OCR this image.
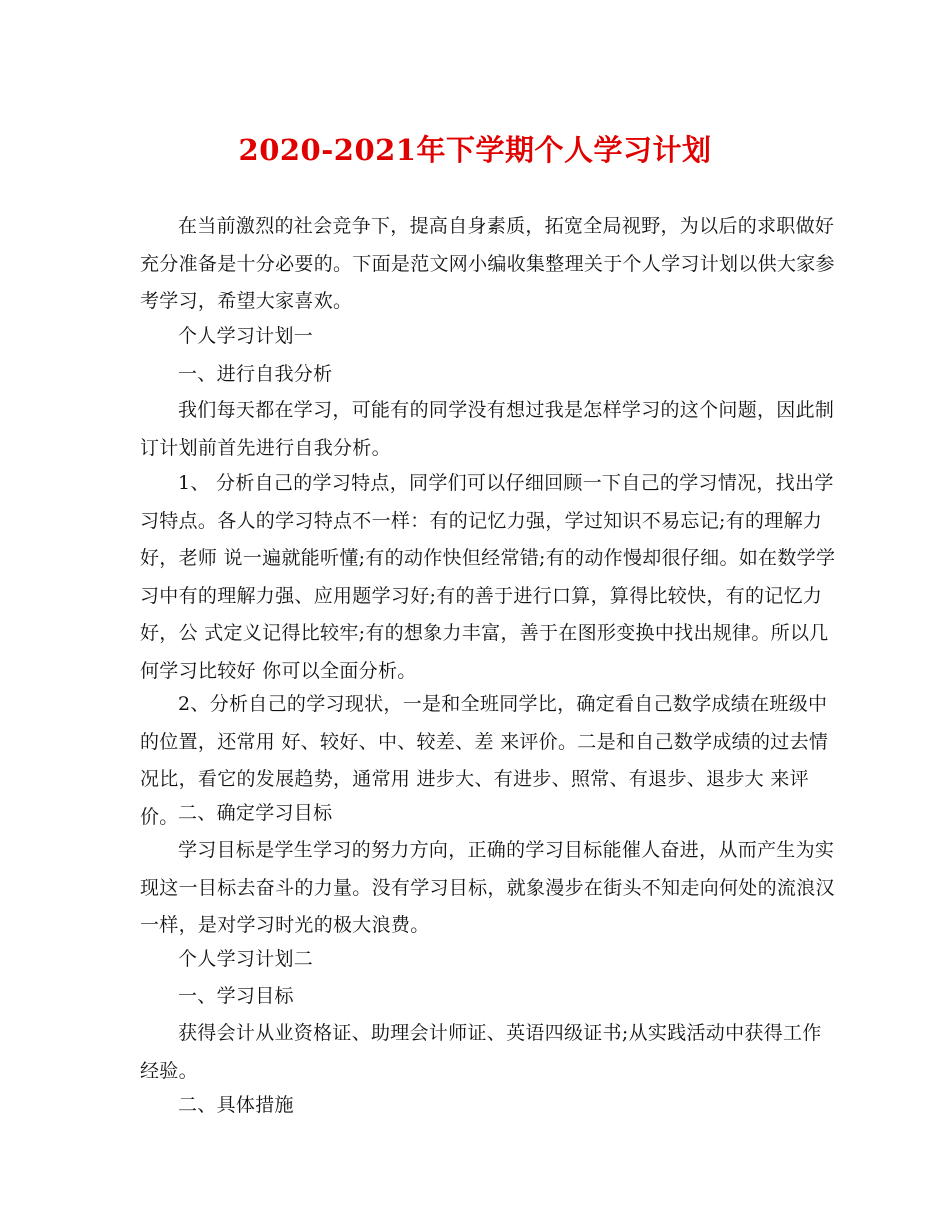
2020-2021年下学期个人学习计划

在当前激烈的社会竞争下，提高自身素质，拓宽全局视野，为以后的求职做好充分准备是十分必要的。下面是范文网小编收集整理关于个人学习计划以供大家参考学习，希望大家喜欢。

个人学习计划一

一、进行自我分析

我们每天都在学习，可能有的同学没有想过我是怎样学习的这个问题，因此制订计划前首先进行自我分析。

1、 分析自己的学习特点，同学们可以仔细回顾一下自己的学习情况，找出学习特点。各人的学习特点不一样：有的记忆力强，学过知识不易忘记;有的理解力好，老师 说一遍就能听懂;有的动作快但经常错;有的动作慢却很仔细。如在数学学习中有的理解力强、应用题学习好;有的善于进行口算，算得比较快，有的记忆力好，公 式定义记得比较牢;有的想象力丰富，善于在图形变换中找出规律。所以几何学习比较好 你可以全面分析。

2、分析自己的学习现状，一是和全班同学比，确定看自己数学成绩在班级中的位置，还常用 好、较好、中、较差、差 来评价。二是和自己数学成绩的过去情况比，看它的发展趋势，通常用 进步大、有进步、照常、有退步、退步大 来评价。 二、确定学习目标

学习目标是学生学习的努力方向，正确的学习目标能催人奋进，从而产生为实现这一目标去奋斗的力量。没有学习目标，就象漫步在街头不知走向何处的流浪汉一样，是对学习时光的极大浪费。

个人学习计划二

一、学习目标

获得会计从业资格证、助理会计师证、英语四级证书;从实践活动中获得工作经验。

二、具体措施
